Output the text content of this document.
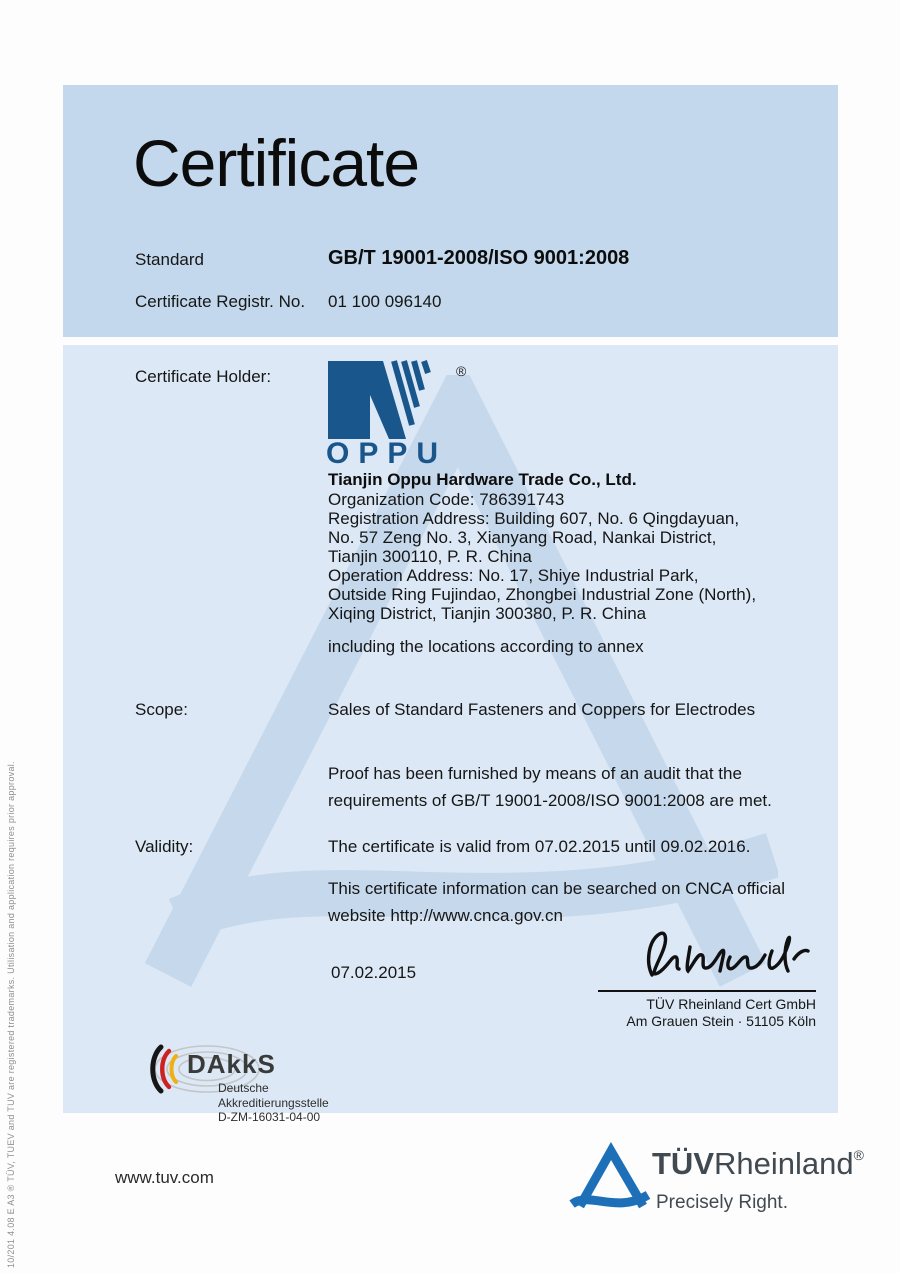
10/201 4.08 E A3 ® TÜV, TUEV and TUV are registered trademarks. Utilisation and application requires prior approval.
Certificate
Standard	GB/T 19001-2008/ISO 9001:2008
Certificate Registr. No. 01 100 096140
Certificate Holder:	®
OPPU
Tianjin Oppu Hardware Trade Co., Ltd.
Organization Code: 786391743
Registration Address: Building 607, No. 6 Qingdayuan,
No. 57 Zeng No. 3, Xianyang Road, Nankai District,
Tianjin 300110, P. R. China
Operation Address: No. 17, Shiye Industrial Park,
Outside Ring Fujindao, Zhongbei Industrial Zone (North),
Xiqing District, Tianjin 300380, P. R. China
including the locations according to annex
Scope:	Sales of Standard Fasteners and Coppers for Electrodes
Proof has been furnished by means of an audit that the
requirements of GB/T 19001-2008/ISO 9001:2008 are met.
Validity:	The certificate is valid from 07.02.2015 until 09.02.2016.
This certificate information can be searched on CNCA official
website http://www.cnca.gov.cn
07.02.2015
TÜV Rheinland Cert GmbH
Am Grauen Stein · 51105 Köln
DAkkS
Deutsche
Akkreditierungsstelle
D-ZM-16031-04-00
www.tuv.com	TÜVRheinland®
Precisely Right.
